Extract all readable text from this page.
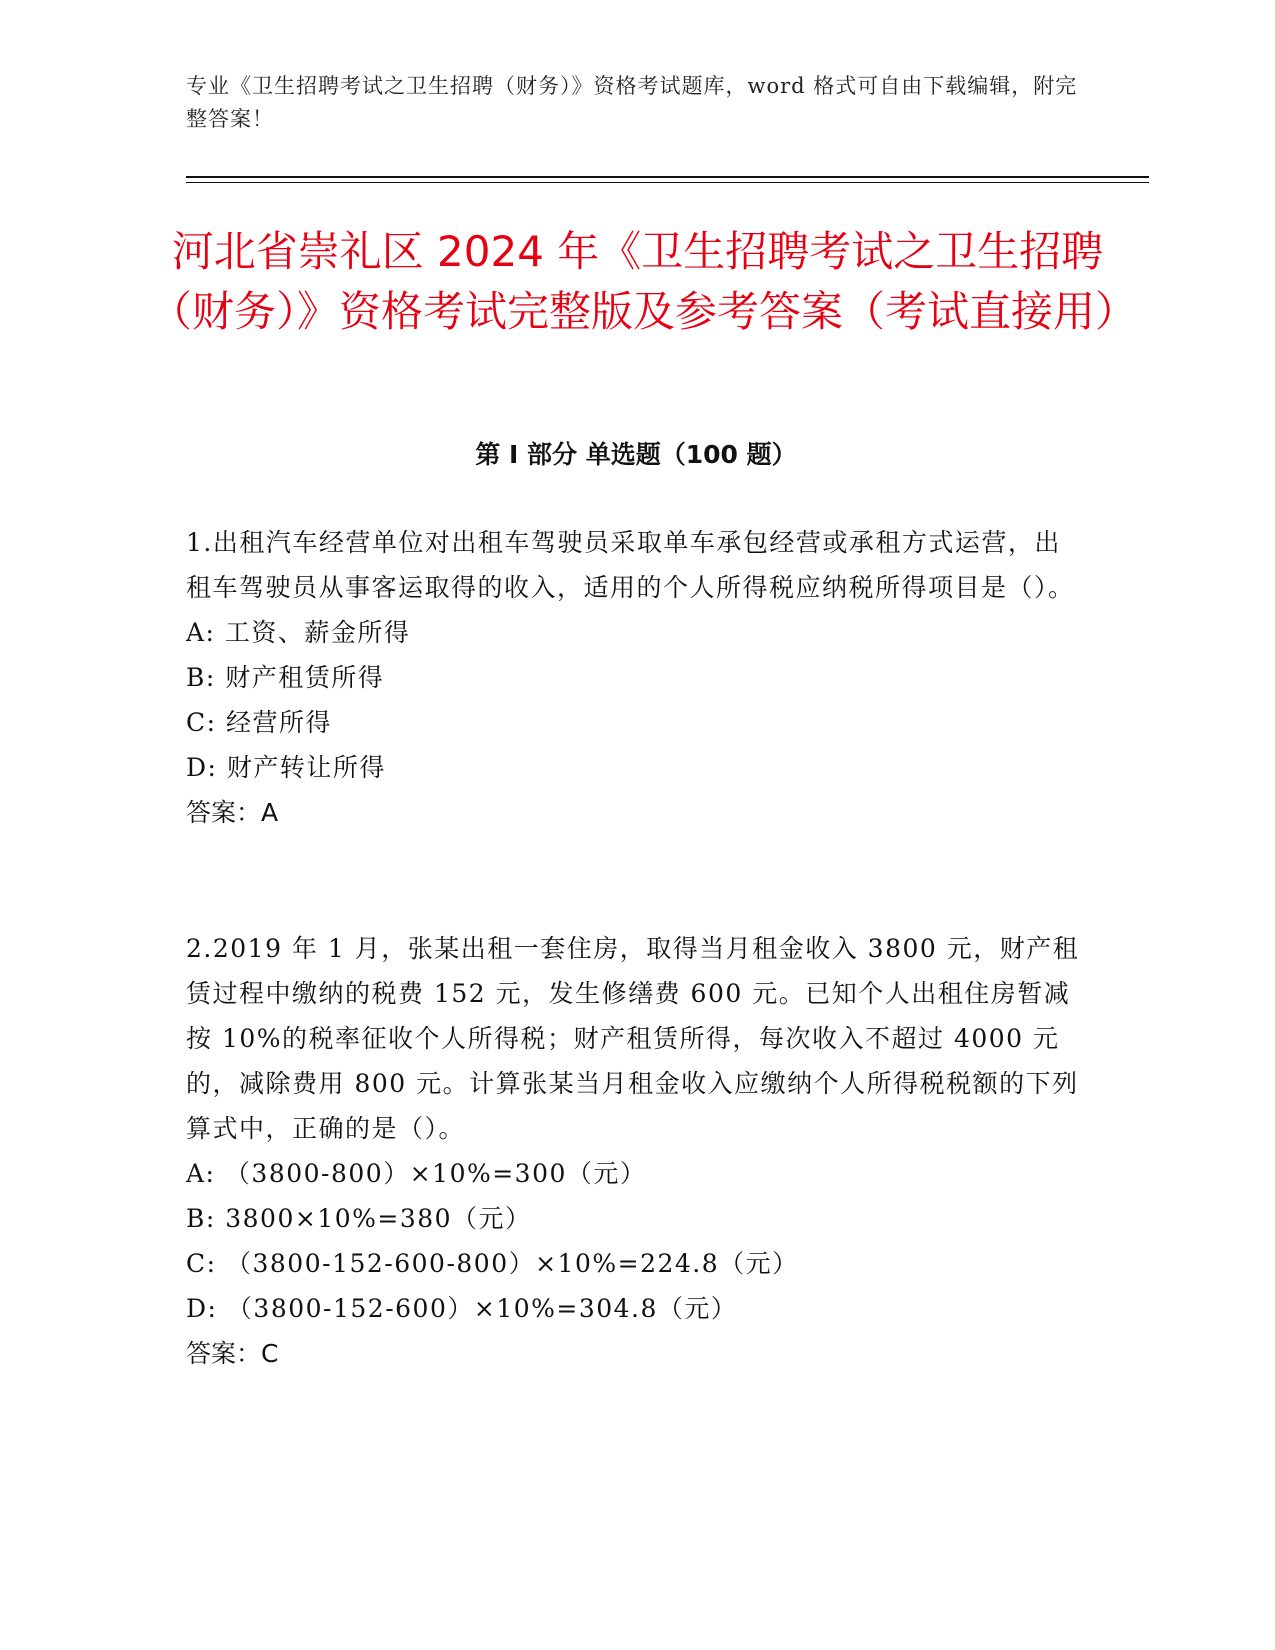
专业《卫生招聘考试之卫生招聘（财务）》资格考试题库，word 格式可自由下载编辑，附完整答案！
河北省崇礼区 2024 年《卫生招聘考试之卫生招聘（财务）》资格考试完整版及参考答案（考试直接用）
第 I 部分 单选题（100 题）

1.出租汽车经营单位对出租车驾驶员采取单车承包经营或承租方式运营，出租车驾驶员从事客运取得的收入，适用的个人所得税应纳税所得项目是（）。

A: 工资、薪金所得

B: 财产租赁所得

C: 经营所得

D: 财产转让所得

答案：A

2.2019 年 1 月，张某出租一套住房，取得当月租金收入 3800 元，财产租赁过程中缴纳的税费 152 元，发生修缮费 600 元。已知个人出租住房暂减按 10%的税率征收个人所得税；财产租赁所得，每次收入不超过 4000 元的，减除费用 800 元。计算张某当月租金收入应缴纳个人所得税税额的下列算式中，正确的是（）。

A: （3800-800）×10%=300（元）

B: 3800×10%=380（元）

C: （3800-152-600-800）×10%=224.8（元）

D: （3800-152-600）×10%=304.8（元）

答案：C
